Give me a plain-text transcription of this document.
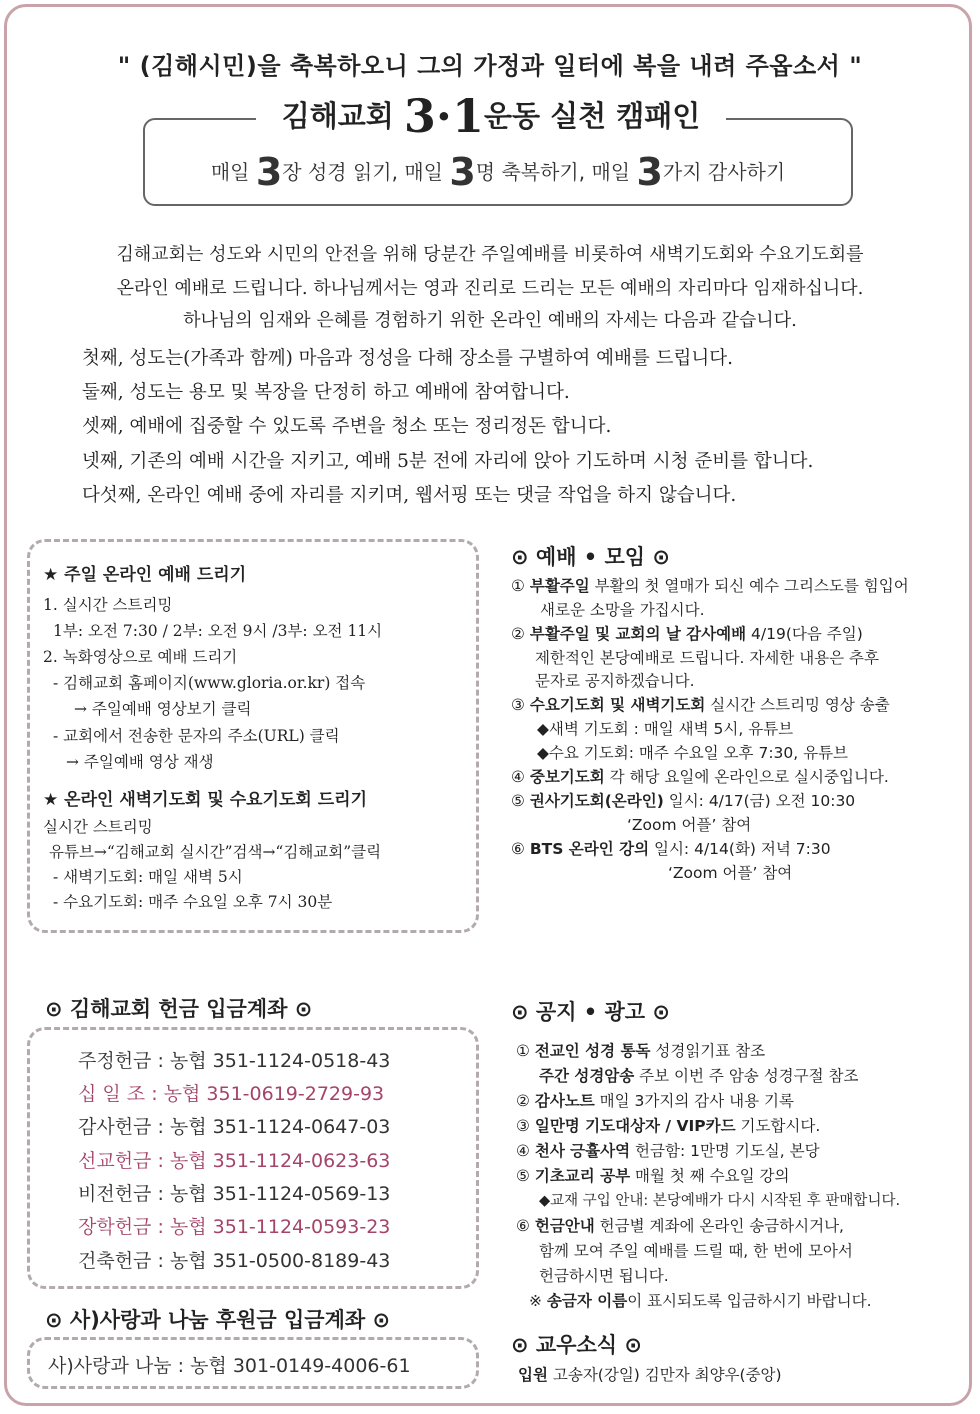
" (김해시민)을 축복하오니 그의 가정과 일터에 복을 내려 주옵소서 "
김해교회 3·1운동 실천 캠패인
매일 3장 성경 읽기, 매일 3명 축복하기, 매일 3가지 감사하기
김해교회는 성도와 시민의 안전을 위해 당분간 주일예배를 비롯하여 새벽기도회와 수요기도회를
온라인 예배로 드립니다. 하나님께서는 영과 진리로 드리는 모든 예배의 자리마다 임재하십니다.
하나님의 임재와 은혜를 경험하기 위한 온라인 예배의 자세는 다음과 같습니다.
첫째, 성도는(가족과 함께) 마음과 정성을 다해 장소를 구별하여 예배를 드립니다.
둘째, 성도는 용모 및 복장을 단정히 하고 예배에 참여합니다.
셋째, 예배에 집중할 수 있도록 주변을 청소 또는 정리정돈 합니다.
넷째, 기존의 예배 시간을 지키고, 예배 5분 전에 자리에 앉아 기도하며 시청 준비를 합니다.
다섯째, 온라인 예배 중에 자리를 지키며, 웹서핑 또는 댓글 작업을 하지 않습니다.
★ 주일 온라인 예배 드리기
1. 실시간 스트리밍
1부: 오전 7:30 / 2부: 오전 9시 /3부: 오전 11시
2. 녹화영상으로 예배 드리기
- 김해교회 홈페이지(www.gloria.or.kr) 접속
→ 주일예배 영상보기 클릭
- 교회에서 전송한 문자의 주소(URL) 클릭
→ 주일예배 영상 재생
★ 온라인 새벽기도회 및 수요기도회 드리기
실시간 스트리밍
유튜브→“김해교회 실시간”검색→“김해교회”클릭
- 새벽기도회: 매일 새벽 5시
- 수요기도회: 매주 수요일 오후 7시 30분
⊙ 예배 • 모임 ⊙
① 부활주일 부활의 첫 열매가 되신 예수 그리스도를 힘입어
새로운 소망을 가집시다.
② 부활주일 및 교회의 날 감사예배 4/19(다음 주일)
제한적인 본당예배로 드립니다. 자세한 내용은 추후
문자로 공지하겠습니다.
③ 수요기도회 및 새벽기도회 실시간 스트리밍 영상 송출
◆새벽 기도회 : 매일 새벽 5시, 유튜브
◆수요 기도회: 매주 수요일 오후 7:30, 유튜브
④ 중보기도회 각 해당 요일에 온라인으로 실시중입니다.
⑤ 권사기도회(온라인) 일시: 4/17(금) 오전 10:30
‘Zoom 어플’ 참여
⑥ BTS 온라인 강의 일시: 4/14(화) 저녁 7:30
‘Zoom 어플’ 참여
⊙ 김해교회 헌금 입금계좌 ⊙
주정헌금 : 농협 351-1124-0518-43
십 일 조 : 농협 351-0619-2729-93
감사헌금 : 농협 351-1124-0647-03
선교헌금 : 농협 351-1124-0623-63
비전헌금 : 농협 351-1124-0569-13
장학헌금 : 농협 351-1124-0593-23
건축헌금 : 농협 351-0500-8189-43
⊙ 사)사랑과 나눔 후원금 입금계좌 ⊙
사)사랑과 나눔 : 농협 301-0149-4006-61
⊙ 공지 • 광고 ⊙
① 전교인 성경 통독 성경읽기표 참조
주간 성경암송 주보 이번 주 암송 성경구절 참조
② 감사노트 매일 3가지의 감사 내용 기록
③ 일만명 기도대상자 / VIP카드 기도합시다.
④ 천사 긍휼사역 헌금함: 1만명 기도실, 본당
⑤ 기초교리 공부 매월 첫 째 수요일 강의
◆교재 구입 안내: 본당예배가 다시 시작된 후 판매합니다.
⑥ 헌금안내 헌금별 계좌에 온라인 송금하시거나,
함께 모여 주일 예배를 드릴 때, 한 번에 모아서
헌금하시면 됩니다.
※ 송금자 이름이 표시되도록 입금하시기 바랍니다.
⊙ 교우소식 ⊙
입원 고송자(강일) 김만자 최양우(중앙)
